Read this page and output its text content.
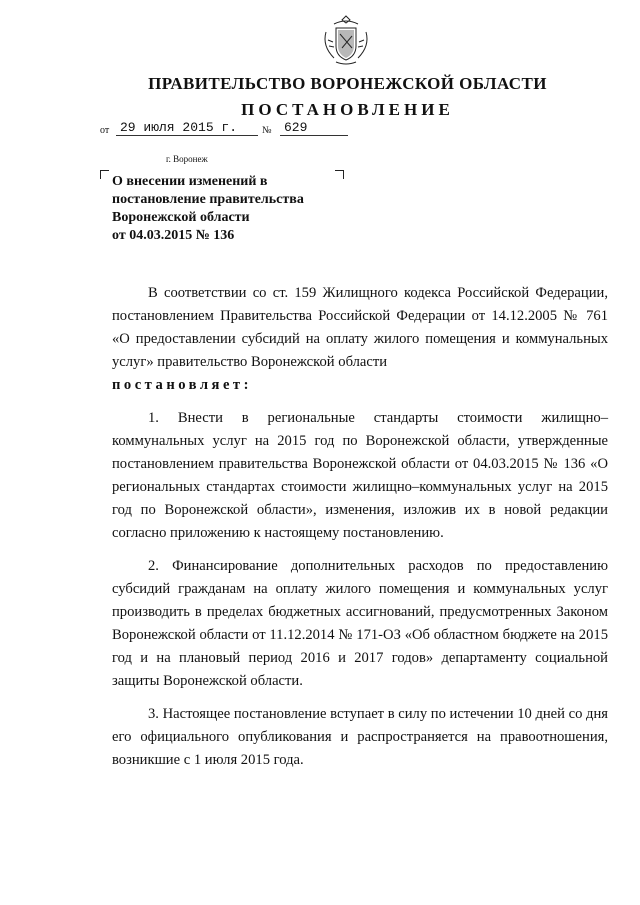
ПРАВИТЕЛЬСТВО ВОРОНЕЖСКОЙ ОБЛАСТИ
ПОСТАНОВЛЕНИЕ
от 29 июля 2015 г.	№ 629
г. Воронеж
О внесении изменений в
постановление правительства
Воронежской области
от 04.03.2015 № 136

В соответствии со ст. 159 Жилищного кодекса Российской Федерации, постановлением Правительства Российской Федерации от 14.12.2005 № 761 «О предоставлении субсидий на оплату жилого помещения и коммунальных услуг» правительство Воронежской области

постановляет:

1. Внести в региональные стандарты стоимости жилищно–коммунальных услуг на 2015 год по Воронежской области, утвержденные постановлением правительства Воронежской области от 04.03.2015 № 136 «О региональных стандартах стоимости жилищно–коммунальных услуг на 2015 год по Воронежской области», изменения, изложив их в новой редакции согласно приложению к настоящему постановлению.

2. Финансирование дополнительных расходов по предоставлению субсидий гражданам на оплату жилого помещения и коммунальных услуг производить в пределах бюджетных ассигнований, предусмотренных Законом Воронежской области от 11.12.2014 № 171-ОЗ «Об областном бюджете на 2015 год и на плановый период 2016 и 2017 годов» департаменту социальной защиты Воронежской области.

3. Настоящее постановление вступает в силу по истечении 10 дней со дня его официального опубликования и распространяется на правоотношения, возникшие с 1 июля 2015 года.
